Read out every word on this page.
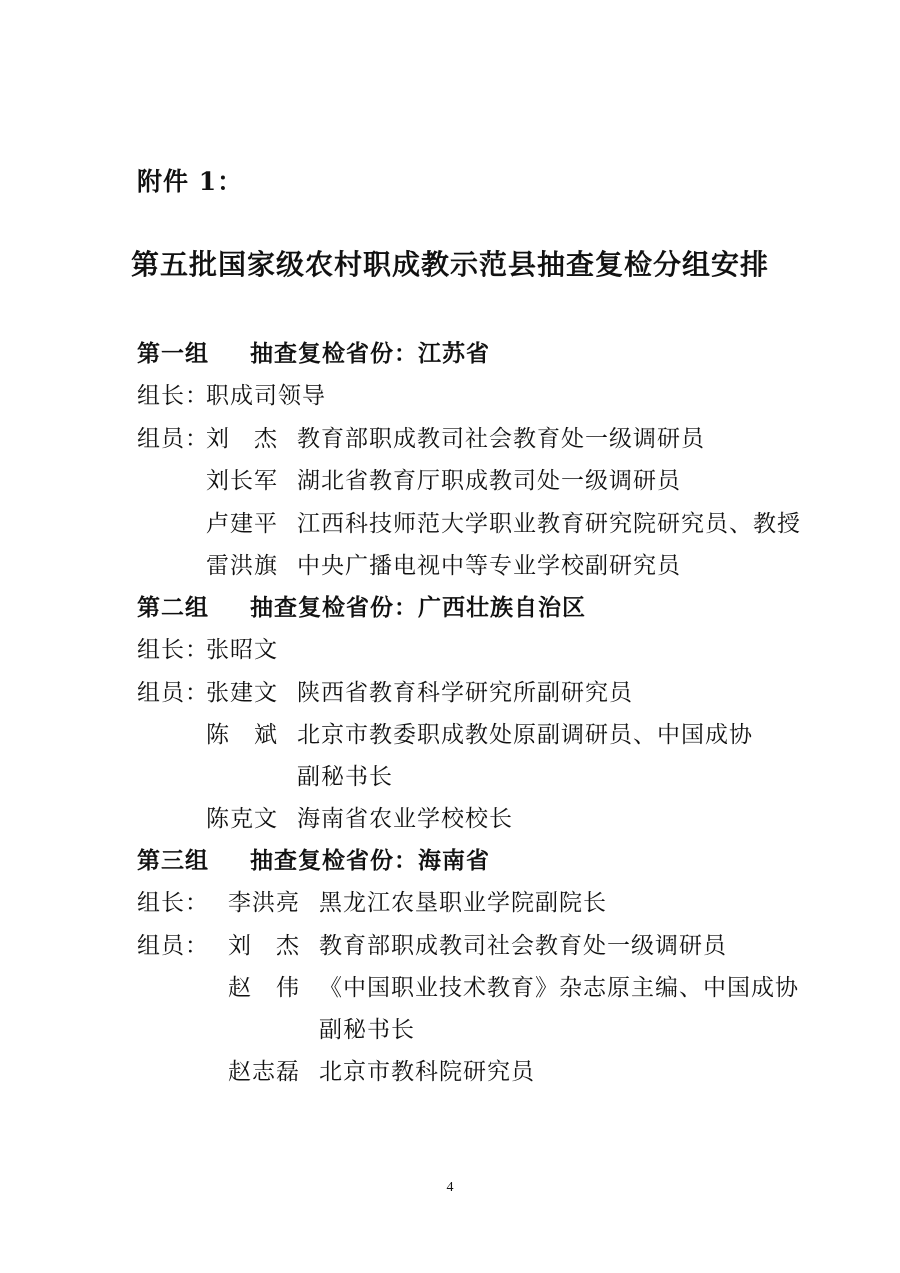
附件 1：
第五批国家级农村职成教示范县抽查复检分组安排
第一组 抽查复检省份：江苏省
组长：
职成司领导
组员：
刘　杰 教育部职成教司社会教育处一级调研员
刘长军 湖北省教育厅职成教司处一级调研员
卢建平 江西科技师范大学职业教育研究院研究员、教授
雷洪旗 中央广播电视中等专业学校副研究员
第二组 抽查复检省份：广西壮族自治区
组长：
张昭文
组员：
张建文 陕西省教育科学研究所副研究员
陈　斌 北京市教委职成教处原副调研员、中国成协
副秘书长
陈克文 海南省农业学校校长
第三组 抽查复检省份：海南省
组长： 李洪亮 黑龙江农垦职业学院副院长
组员： 刘　杰 教育部职成教司社会教育处一级调研员
赵　伟 《中国职业技术教育》杂志原主编、中国成协
副秘书长
赵志磊 北京市教科院研究员
4
